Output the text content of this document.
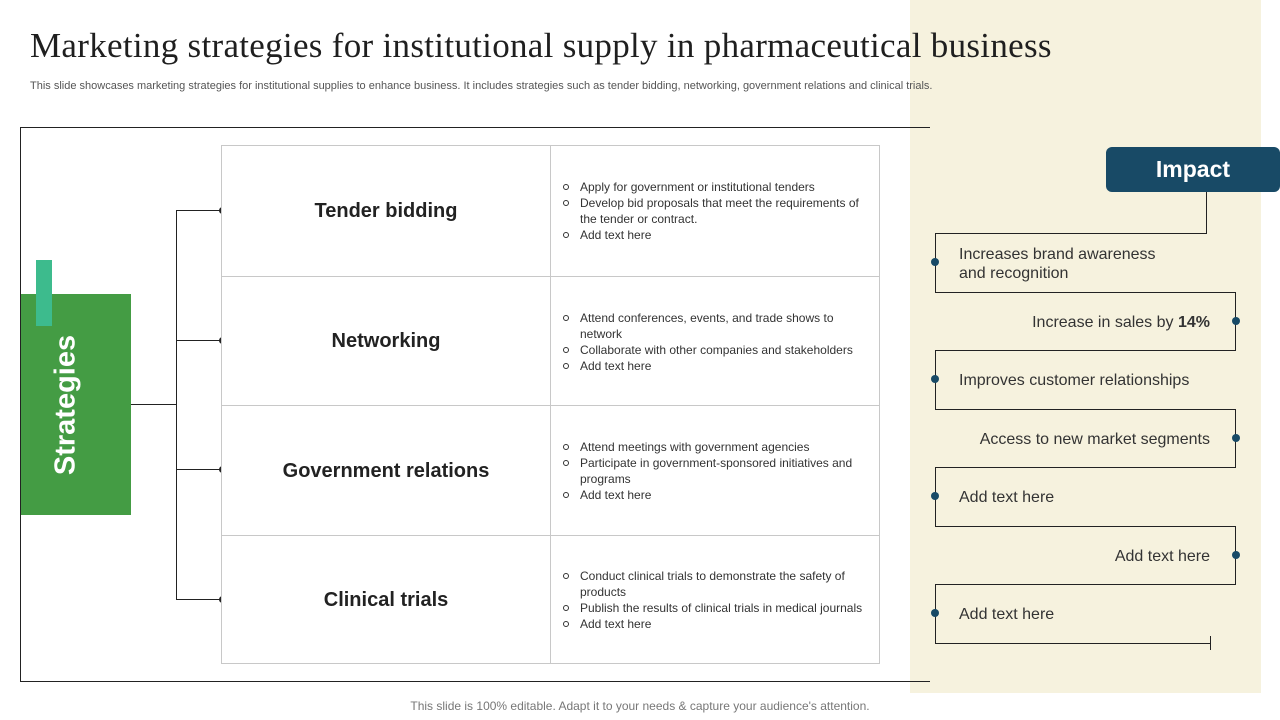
Marketing strategies for institutional supply in pharmaceutical business

This slide showcases marketing strategies for institutional supplies to enhance business. It includes strategies such as tender bidding, networking, government relations and clinical trials.

Strategies
Tender bidding
Apply for government or institutional tenders
Develop bid proposals that meet the requirements of the tender or contract.
Add text here
Networking
Attend conferences, events, and trade shows to network
Collaborate with other companies and stakeholders
Add text here
Government relations
Attend meetings with government agencies
Participate in government-sponsored initiatives and programs
Add text here
Clinical trials
Conduct clinical trials to demonstrate the safety of products
Publish the results of clinical trials in medical journals
Add text here
Impact
Increases brand awareness and recognition
Increase in sales by 14%
Improves customer relationships
Access to new market segments
Add text here
Add text here
Add text here
This slide is 100% editable. Adapt it to your needs & capture your audience's attention.
